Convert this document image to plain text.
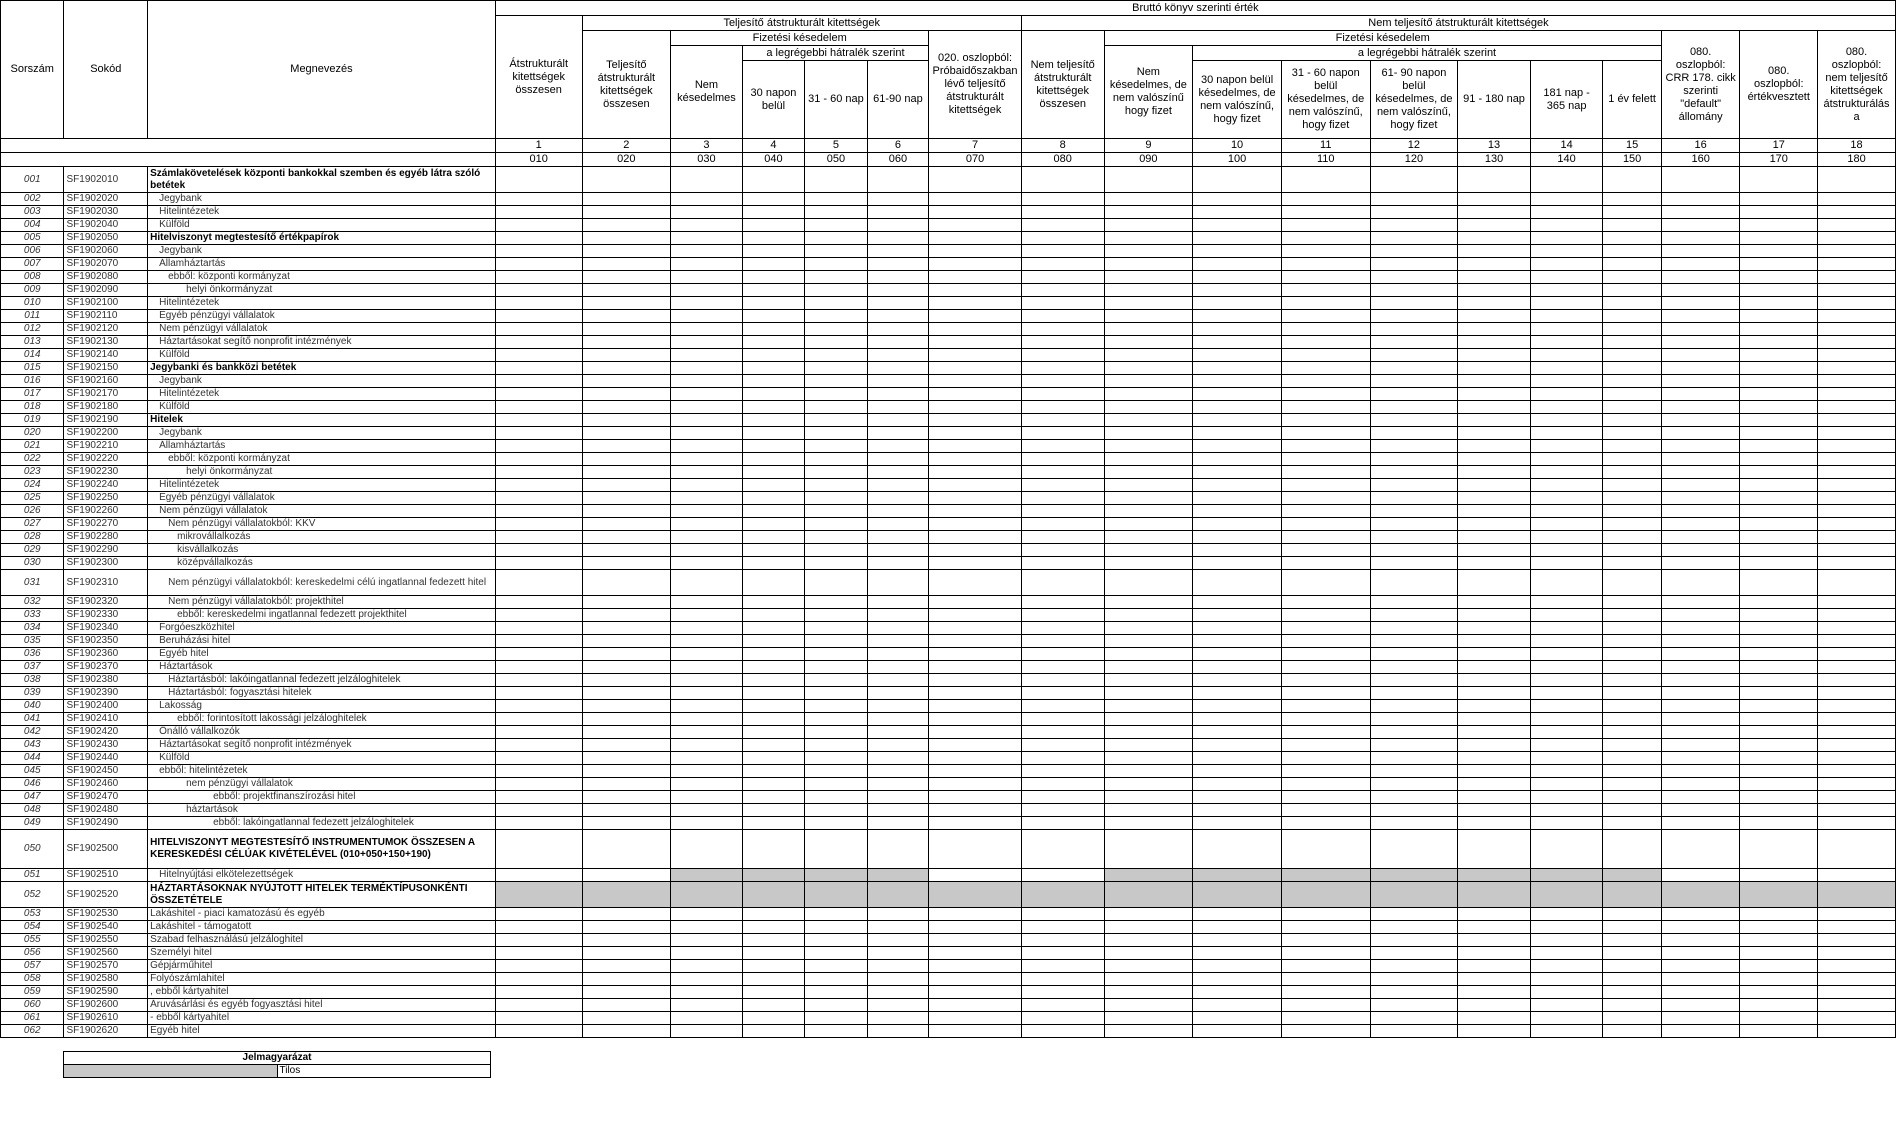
Sorszám	Sokód	Megnevezés	Bruttó könyv szerinti érték																	
			Átstrukturált kitettségek összesen	Teljesítő átstrukturált kitettségek						Nem teljesítő átstrukturált kitettségek										
				Teljesítő átstrukturált kitettségek összesen	Fizetési késedelem				020. oszlopból: Próbaidőszakban lévő teljesítő átstrukturált kitettségek	Nem teljesítő átstrukturált kitettségek összesen	Fizetési késedelem							080. oszlopból: CRR 178. cikk szerinti "default" állomány	080. oszlopból: értékvesztett	080. oszlopból: nem teljesítő kitettségek átstrukturálás a
					Nem késedelmes	a legrégebbi hátralék szerint					Nem késedelmes, de nem valószínű hogy fizet	a legrégebbi hátralék szerint								
						30 napon belül	31 - 60 nap	61-90 nap				30 napon belül késedelmes, de nem valószínű, hogy fizet	31 - 60 napon belül késedelmes, de nem valószínű, hogy fizet	61- 90 napon belül késedelmes, de nem valószínű, hogy fizet	91 - 180 nap	181 nap - 365 nap	1 év felett			
			1	2	3	4	5	6	7	8	9	10	11	12	13	14	15	16	17	18
			010	020	030	040	050	060	070	080	090	100	110	120	130	140	150	160	170	180
001	SF1902010	Számlakövetelések központi bankokkal szemben és egyéb látra szóló betétek																		
002	SF1902020	Jegybank																		
003	SF1902030	Hitelintézetek																		
004	SF1902040	Külföld																		
005	SF1902050	Hitelviszonyt megtestesítő értékpapírok																		
006	SF1902060	Jegybank																		
007	SF1902070	Államháztartás																		
008	SF1902080	ebből: központi kormányzat																		
009	SF1902090	helyi önkormányzat																		
010	SF1902100	Hitelintézetek																		
011	SF1902110	Egyéb pénzügyi vállalatok																		
012	SF1902120	Nem pénzügyi vállalatok																		
013	SF1902130	Háztartásokat segítő nonprofit intézmények																		
014	SF1902140	Külföld																		
015	SF1902150	Jegybanki és bankközi betétek																		
016	SF1902160	Jegybank																		
017	SF1902170	Hitelintézetek																		
018	SF1902180	Külföld																		
019	SF1902190	Hitelek																		
020	SF1902200	Jegybank																		
021	SF1902210	Államháztartás																		
022	SF1902220	ebből: központi kormányzat																		
023	SF1902230	helyi önkormányzat																		
024	SF1902240	Hitelintézetek																		
025	SF1902250	Egyéb pénzügyi vállalatok																		
026	SF1902260	Nem pénzügyi vállalatok																		
027	SF1902270	Nem pénzügyi vállalatokból: KKV																		
028	SF1902280	mikrovállalkozás																		
029	SF1902290	kisvállalkozás																		
030	SF1902300	középvállalkozás																		
031	SF1902310	Nem pénzügyi vállalatokból: kereskedelmi célú ingatlannal fedezett hitel																		
032	SF1902320	Nem pénzügyi vállalatokból: projekthitel																		
033	SF1902330	ebből: kereskedelmi ingatlannal fedezett projekthitel																		
034	SF1902340	Forgóeszközhitel																		
035	SF1902350	Beruházási hitel																		
036	SF1902360	Egyéb hitel																		
037	SF1902370	Háztartások																		
038	SF1902380	Háztartásból: lakóingatlannal fedezett jelzáloghitelek																		
039	SF1902390	Háztartásból: fogyasztási hitelek																		
040	SF1902400	Lakosság																		
041	SF1902410	ebből: forintosított lakossági jelzáloghitelek																		
042	SF1902420	Önálló vállalkozók																		
043	SF1902430	Háztartásokat segítő nonprofit intézmények																		
044	SF1902440	Külföld																		
045	SF1902450	ebből: hitelintézetek																		
046	SF1902460	nem pénzügyi vállalatok																		
047	SF1902470	ebből: projektfinanszírozási hitel																		
048	SF1902480	háztartások																		
049	SF1902490	ebből: lakóingatlannal fedezett jelzáloghitelek																		
050	SF1902500	HITELVISZONYT MEGTESTESÍTŐ INSTRUMENTUMOK ÖSSZESEN A KERESKEDÉSI CÉLÚAK KIVÉTELÉVEL (010+050+150+190)																		
051	SF1902510	Hitelnyújtási elkötelezettségek																		
052	SF1902520	HÁZTARTÁSOKNAK NYÚJTOTT HITELEK TERMÉKTÍPUSONKÉNTI ÖSSZETÉTELE																		
053	SF1902530	Lakáshitel - piaci kamatozású és egyéb																		
054	SF1902540	Lakáshitel - támogatott																		
055	SF1902550	Szabad felhasználású jelzáloghitel																		
056	SF1902560	Személyi hitel																		
057	SF1902570	Gépjárműhitel																		
058	SF1902580	Folyószámlahitel																		
059	SF1902590	, ebből kártyahitel																		
060	SF1902600	Áruvásárlási és egyéb fogyasztási hitel																		
061	SF1902610	- ebből kártyahitel																		
062	SF1902620	Egyéb hitel																		
Jelmagyarázat
	Tilos
